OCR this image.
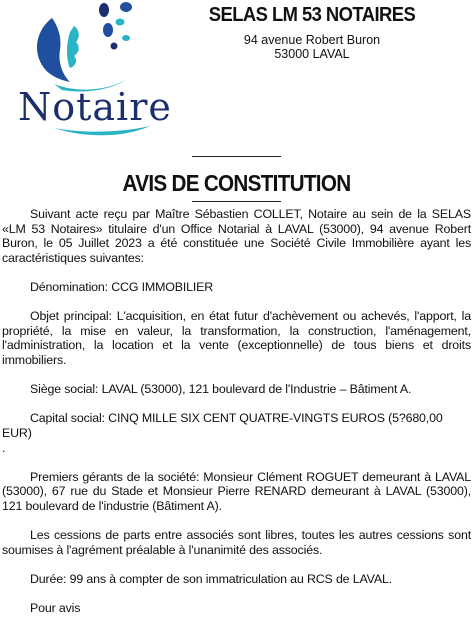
Notaire
SELAS LM 53 NOTAIRES
94 avenue Robert Buron
53000 LAVAL
AVIS DE CONSTITUTION

Suivant acte reçu par Maître Sébastien COLLET, Notaire au sein de la SELAS «LM 53 Notaires» titulaire d'un Office Notarial à LAVAL (53000), 94 avenue Robert Buron, le 05 Juillet 2023 a été constituée une Société Civile Immobilière ayant les caractéristiques suivantes:

Dénomination: CCG IMMOBILIER

Objet principal: L'acquisition, en état futur d'achèvement ou achevés, l'apport, la propriété, la mise en valeur, la transformation, la construction, l'aménagement, l'administration, la location et la vente (exceptionnelle) de tous biens et droits immobiliers.

Siège social: LAVAL (53000), 121 boulevard de l'Industrie – Bâtiment A.

Capital social: CINQ MILLE SIX CENT QUATRE-VINGTS EUROS (5?680,00 EUR)

.

Premiers gérants de la société: Monsieur Clément ROGUET demeurant à LAVAL (53000), 67 rue du Stade et Monsieur Pierre RENARD demeurant à LAVAL (53000), 121 boulevard de l'industrie (Bâtiment A).

Les cessions de parts entre associés sont libres, toutes les autres cessions sont soumises à l'agrément préalable à l'unanimité des associés.

Durée: 99 ans à compter de son immatriculation au RCS de LAVAL.

Pour avis
